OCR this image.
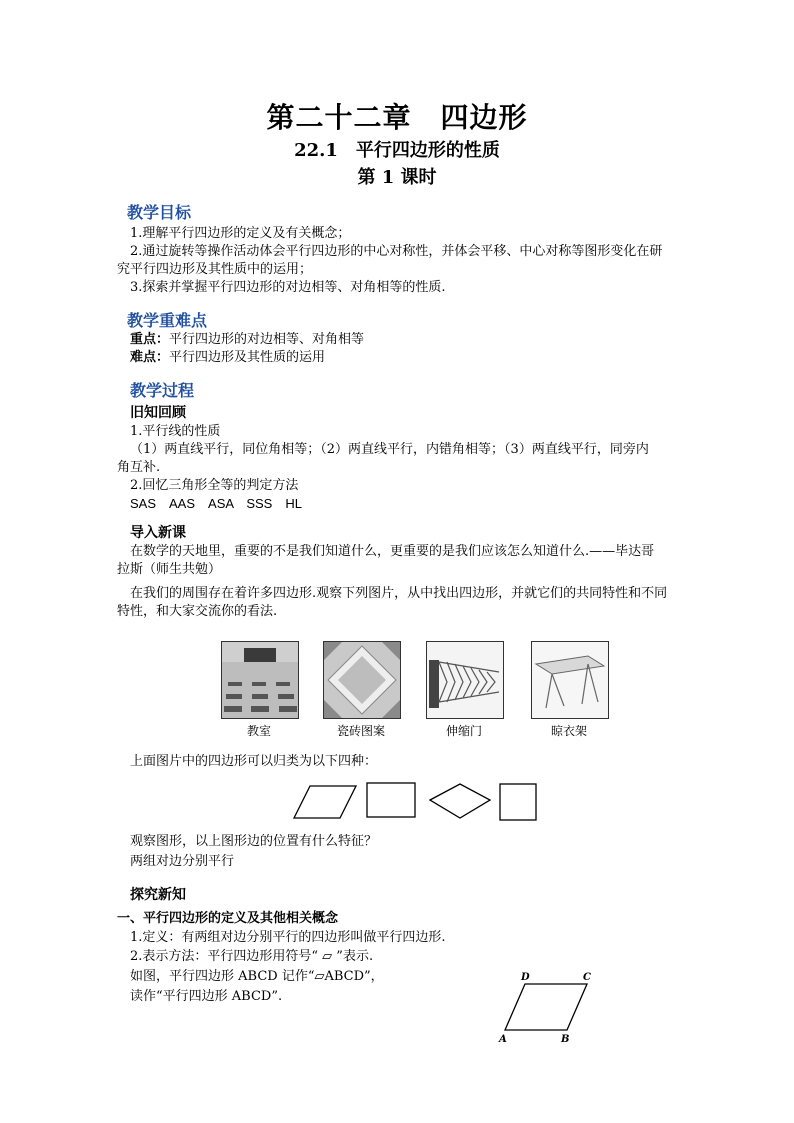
第二十二章　四边形
22.1　平行四边形的性质
第 1 课时
教学目标
1.理解平行四边形的定义及有关概念；
2.通过旋转等操作活动体会平行四边形的中心对称性，并体会平移、中心对称等图形变化在研
究平行四边形及其性质中的运用；
3.探索并掌握平行四边形的对边相等、对角相等的性质.
教学重难点
重点：平行四边形的对边相等、对角相等
难点：平行四边形及其性质的运用
教学过程
旧知回顾
1.平行线的性质
（1）两直线平行，同位角相等；（2）两直线平行，内错角相等；（3）两直线平行，同旁内
角互补.
2.回忆三角形全等的判定方法
SAS　AAS　ASA　SSS　HL
导入新课
在数学的天地里，重要的不是我们知道什么，更重要的是我们应该怎么知道什么.——毕达哥
拉斯（师生共勉）
在我们的周围存在着许多四边形.观察下列图片，从中找出四边形，并就它们的共同特性和不同
特性，和大家交流你的看法.
教室	瓷砖图案	伸缩门	晾衣架
上面图片中的四边形可以归类为以下四种：
观察图形，以上图形边的位置有什么特征？
两组对边分别平行
探究新知
一、平行四边形的定义及其他相关概念
1.定义：有两组对边分别平行的四边形叫做平行四边形.
2.表示方法：平行四边形用符号“ ▱ ”表示.
如图，平行四边形 ABCD 记作“▱ABCD”，
读作“平行四边形 ABCD”.
D	C
A	B
